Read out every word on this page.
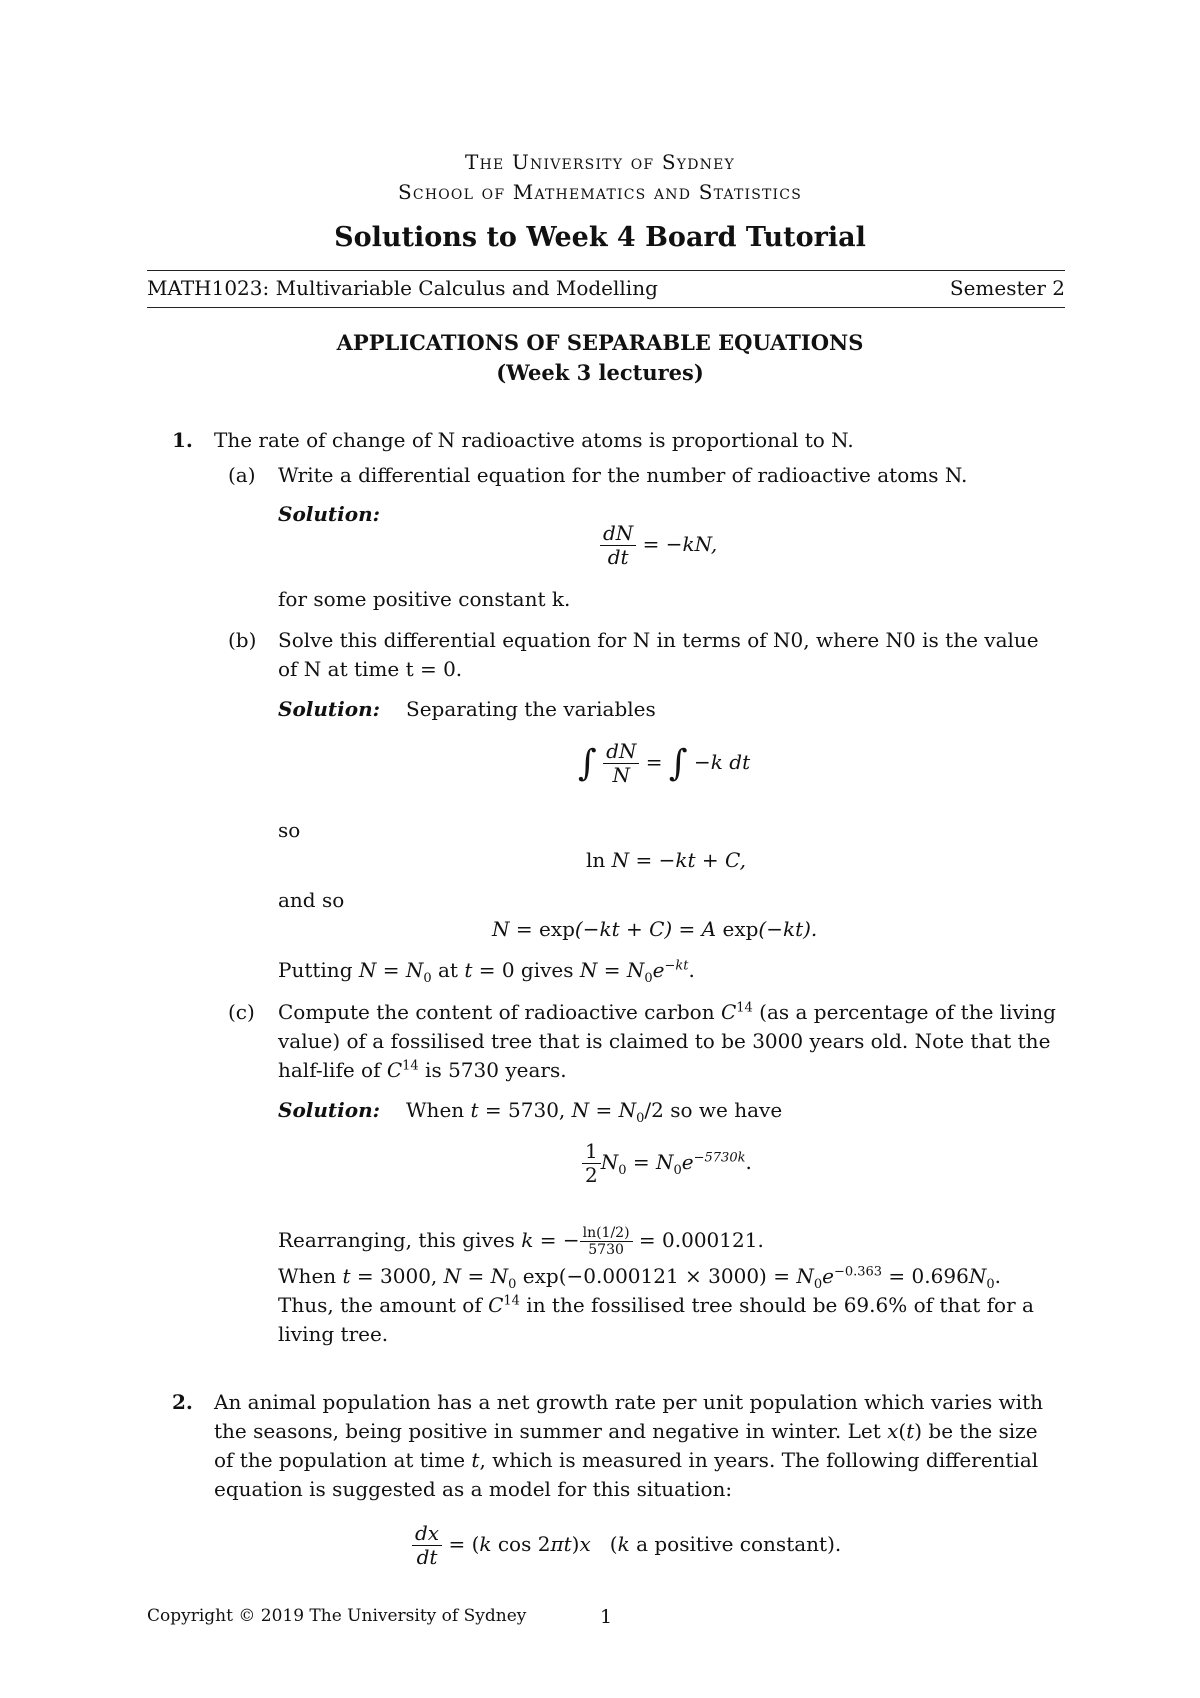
The University of Sydney
School of Mathematics and Statistics
Solutions to Week 4 Board Tutorial
MATH1023: Multivariable Calculus and Modelling	Semester 2
APPLICATIONS OF SEPARABLE EQUATIONS
(Week 3 lectures)
1. The rate of change of N radioactive atoms is proportional to N.
(a) Write a differential equation for the number of radioactive atoms N.
Solution:
$\frac{dN}{dt} = -kN$,
for some positive constant k.
(b) Solve this differential equation for N in terms of N0, where N0 is the value
of N at time t = 0.
Solution: Separating the variables
∫ $\frac{dN}{N}$ = ∫ −k dt
so
ln N = −kt + C,
and so
N = exp(−kt + C) = A exp(−kt).
Putting $N = N_0$ at t = 0 gives $N = N_0e^{-kt}$.
(c) Compute the content of radioactive carbon $C^{14}$ (as a percentage of the living
value) of a fossilised tree that is claimed to be 3000 years old. Note that the
half-life of $C^{14}$ is 5730 years.
Solution: When t = 5730, $N = N_0/2$ so we have
$\frac{1}{2} N_0 = N_0e^{-5730k}$.
Rearranging, this gives k = − $\frac{\ln(1/2)}{5730} = 0.000121$.
When t = 3000, $N = N_0$ $\exp(-0.000121 \times 3000) = N_0e^{-0.363} = 0.696N_0$.
Thus, the amount of $C^{14}$ in the fossilised tree should be 69.6% of that for a
living tree.
2. An animal population has a net growth rate per unit population which varies with
the seasons, being positive in summer and negative in winter. Let x(t) be the size
of the population at time t, which is measured in years. The following differential
equation is suggested as a model for this situation:
$\frac{dx}{dt} = (k$ cos 2πt)x   (k a positive constant).
Copyright © 2019 The University of Sydney	1
